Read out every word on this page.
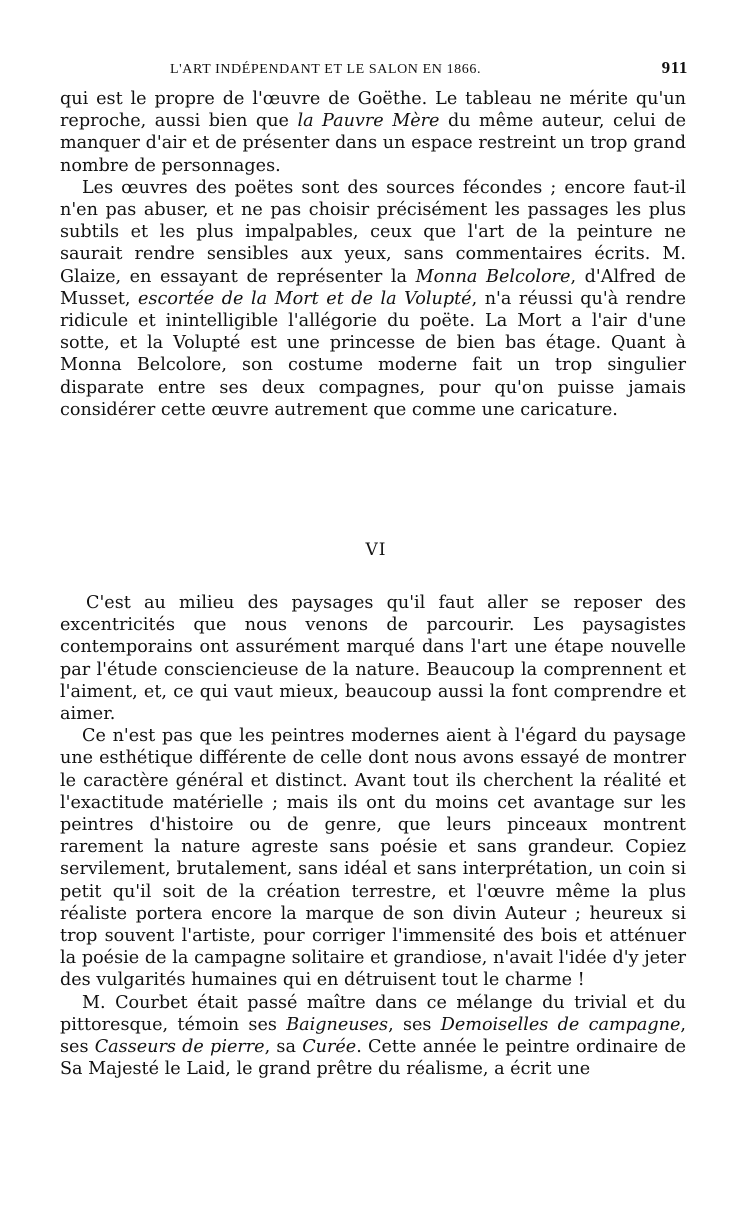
L'ART INDÉPENDANT ET LE SALON EN 1866.	911

qui est le propre de l'œuvre de Goëthe. Le tableau ne mérite qu'un reproche, aussi bien que la Pauvre Mère du même auteur, celui de manquer d'air et de présenter dans un espace restreint un trop grand nombre de personnages.

Les œuvres des poëtes sont des sources fécondes ; encore faut-il n'en pas abuser, et ne pas choisir précisément les passages les plus subtils et les plus impalpables, ceux que l'art de la peinture ne saurait rendre sensibles aux yeux, sans commentaires écrits. M. Glaize, en essayant de représenter la Monna Belcolore, d'Alfred de Musset, escortée de la Mort et de la Volupté, n'a réussi qu'à rendre ridicule et inintelligible l'allégorie du poëte. La Mort a l'air d'une sotte, et la Volupté est une princesse de bien bas étage. Quant à Monna Belcolore, son costume moderne fait un trop singulier disparate entre ses deux compagnes, pour qu'on puisse jamais considérer cette œuvre autrement que comme une caricature.

VI

C'est au milieu des paysages qu'il faut aller se reposer des excentricités que nous venons de parcourir. Les paysagistes contemporains ont assurément marqué dans l'art une étape nouvelle par l'étude consciencieuse de la nature. Beaucoup la comprennent et l'aiment, et, ce qui vaut mieux, beaucoup aussi la font comprendre et aimer.

Ce n'est pas que les peintres modernes aient à l'égard du paysage une esthétique différente de celle dont nous avons essayé de montrer le caractère général et distinct. Avant tout ils cherchent la réalité et l'exactitude matérielle ; mais ils ont du moins cet avantage sur les peintres d'histoire ou de genre, que leurs pinceaux montrent rarement la nature agreste sans poésie et sans grandeur. Copiez servilement, brutalement, sans idéal et sans interprétation, un coin si petit qu'il soit de la création terrestre, et l'œuvre même la plus réaliste portera encore la marque de son divin Auteur ; heureux si trop souvent l'artiste, pour corriger l'immensité des bois et atténuer la poésie de la campagne solitaire et grandiose, n'avait l'idée d'y jeter des vulgarités humaines qui en détruisent tout le charme !

M. Courbet était passé maître dans ce mélange du trivial et du pittoresque, témoin ses Baigneuses, ses Demoiselles de campagne, ses Casseurs de pierre, sa Curée. Cette année le peintre ordinaire de Sa Majesté le Laid, le grand prêtre du réalisme, a écrit une
